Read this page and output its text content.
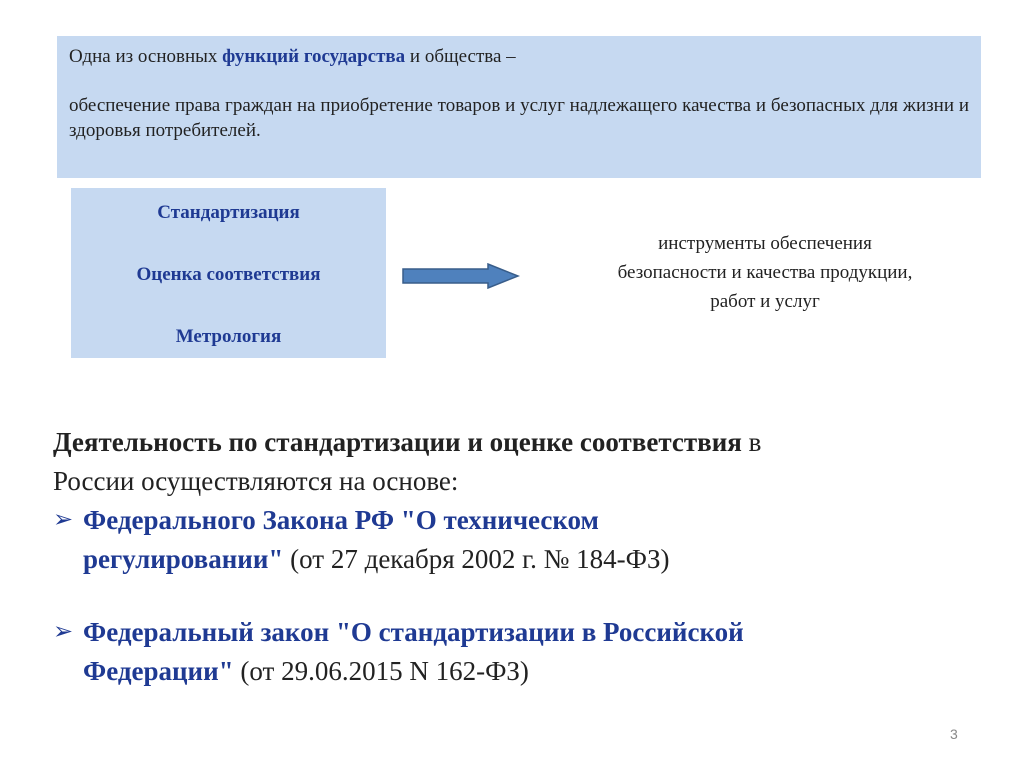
Одна из основных функций государства и общества –

обеспечение права граждан на приобретение товаров и услуг надлежащего качества и безопасных для жизни и здоровья потребителей.

Стандартизация
Оценка соответствия
Метрология
инструменты обеспечения
безопасности и качества продукции,
работ и услуг

Деятельность по стандартизации и оценке соответствия в

России осуществляются на основе:

➢ Федерального Закона РФ "О техническом
регулировании" (от 27 декабря 2002 г. № 184-ФЗ)
➢ Федеральный закон "О стандартизации в Российской
Федерации" (от 29.06.2015 N 162-ФЗ)
3
